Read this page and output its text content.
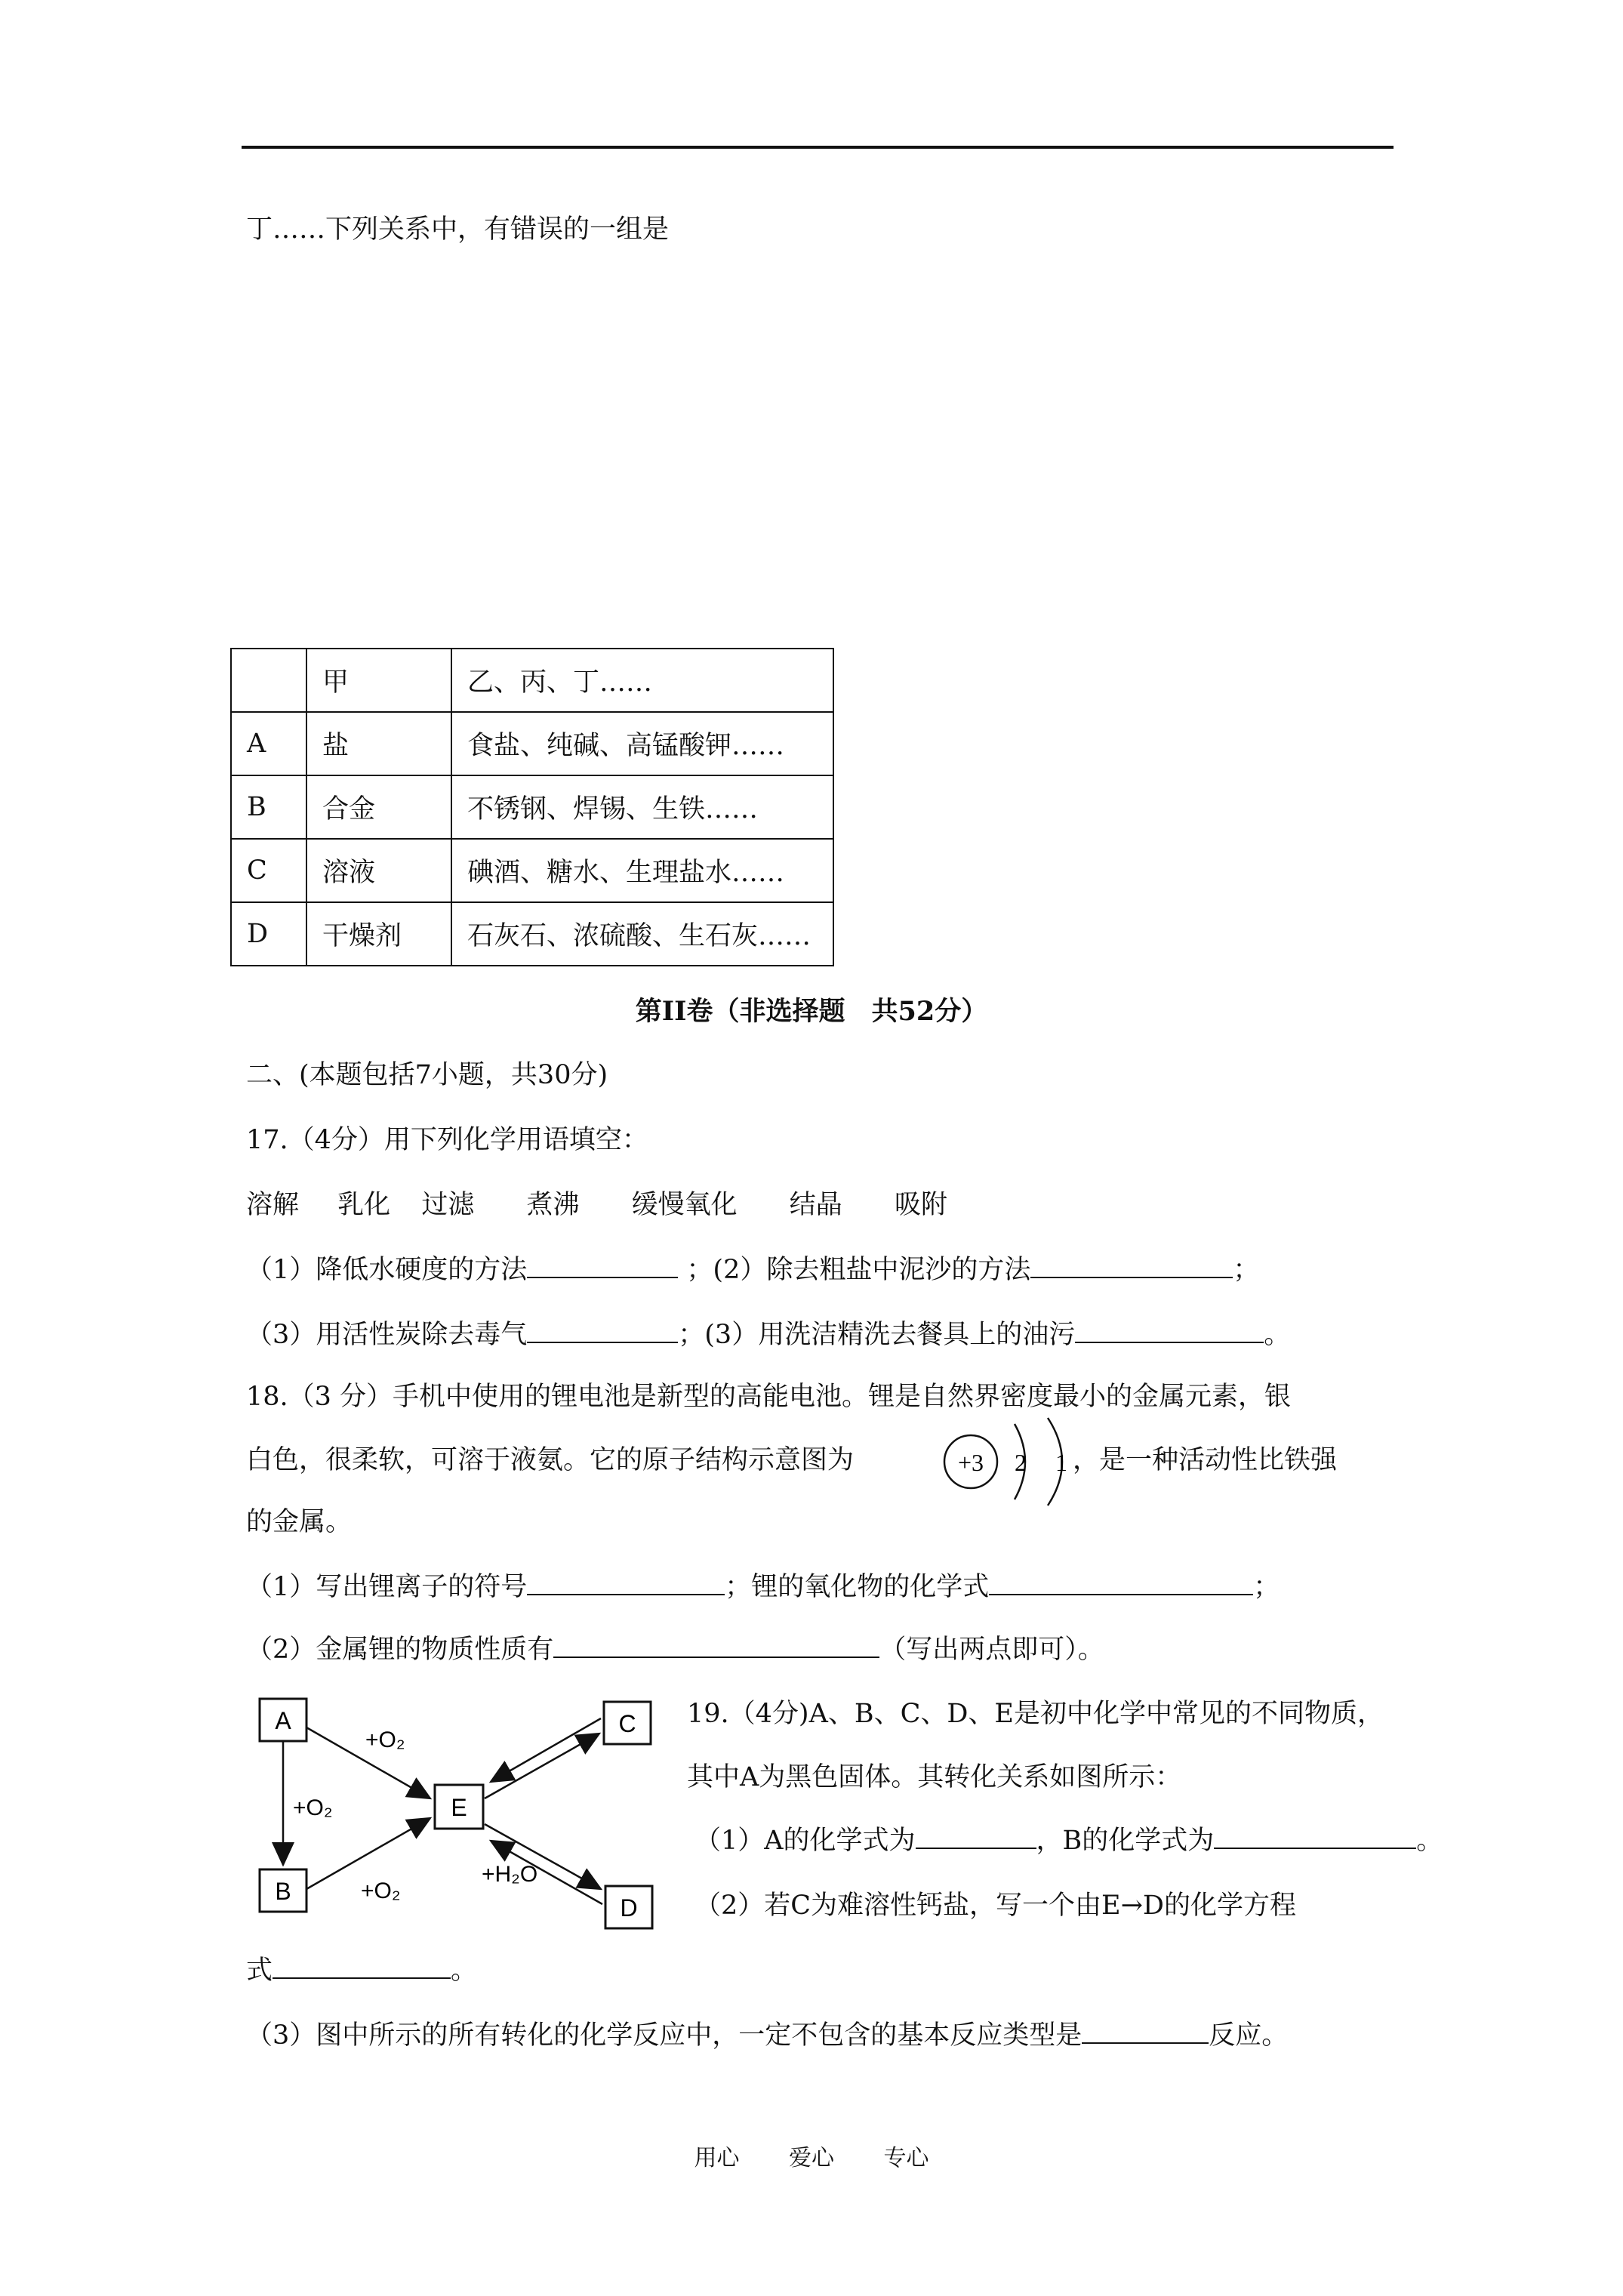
丁……下列关系中，有错误的一组是
	甲	乙、丙、丁……
A	盐	食盐、纯碱、高锰酸钾……
B	合金	不锈钢、焊锡、生铁……
C	溶液	碘酒、糖水、生理盐水……
D	干燥剂	石灰石、浓硫酸、生石灰……
第II卷（非选择题　共52分）
二、(本题包括7小题，共30分)
17.（4分）用下列化学用语填空：
溶解 乳化 过滤 煮沸 缓慢氧化 结晶 吸附
（1）降低水硬度的方法	；(2）除去粗盐中泥沙的方法	；
（3）用活性炭除去毒气	；(3）用洗洁精洗去餐具上的油污	。
18.（3 分）手机中使用的锂电池是新型的高能电池。锂是自然界密度最小的金属元素，银
白色，很柔软，可溶于液氨。它的原子结构示意图为	，是一种活动性比铁强
+3 2 1
的金属。
（1）写出锂离子的符号	；锂的氧化物的化学式	；
（2）金属锂的物质性质有	（写出两点即可）。
A
B
C
D
E
+O₂
+O₂
+O₂
+H₂O
19.（4分)A、B、C、D、E是初中化学中常见的不同物质，
其中A为黑色固体。其转化关系如图所示：
（1）A的化学式为	，B的化学式为	。
（2）若C为难溶性钙盐，写一个由E→D的化学方程
式	。
（3）图中所示的所有转化的化学反应中，一定不包含的基本反应类型是	反应。
用心 爱心 专心
